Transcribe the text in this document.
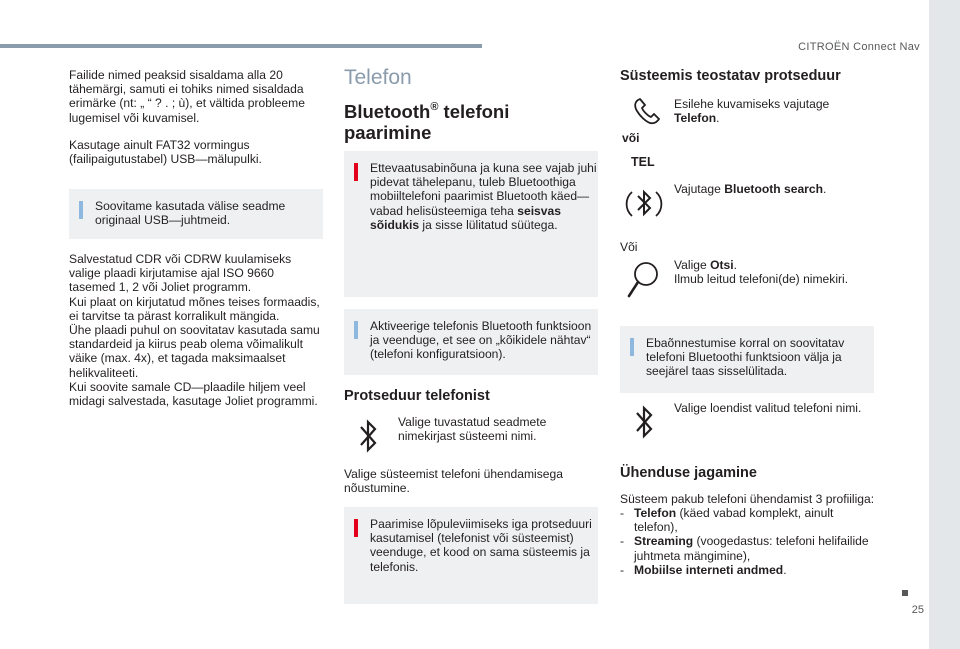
CITROËN Connect Nav
25
Failide nimed peaksid sisaldama alla 20 tähemärgi, samuti ei tohiks nimed sisaldada erimärke (nt: „ “ ? . ; ù), et vältida probleeme lugemisel või kuvamisel.
Kasutage ainult FAT32 vormingus
(failipaigutustabel) USB—mälupulki.
Soovitame kasutada välise seadme
originaal USB—juhtmeid.
Salvestatud CDR või CDRW kuulamiseks
valige plaadi kirjutamise ajal ISO 9660
tasemed 1, 2 või Joliet programm.
Kui plaat on kirjutatud mõnes teises formaadis,
ei tarvitse ta pärast korralikult mängida.
Ühe plaadi puhul on soovitatav kasutada samu
standardeid ja kiirus peab olema võimalikult
väike (max. 4x), et tagada maksimaalset
helikvaliteeti.
Kui soovite samale CD—plaadile hiljem veel
midagi salvestada, kasutage Joliet programmi.
Telefon
Bluetooth® telefoni
paarimine
Ettevaatusabinõuna ja kuna see vajab juhi
pidevat tähelepanu, tuleb Bluetoothiga
mobiiltelefoni paarimist Bluetooth käed—
vabad helisüsteemiga teha seisvas
sõidukis ja sisse lülitatud süütega.
Aktiveerige telefonis Bluetooth funktsioon
ja veenduge, et see on „kõikidele nähtav“
(telefoni konfiguratsioon).
Protseduur telefonist
Valige tuvastatud seadmete
nimekirjast süsteemi nimi.
Valige süsteemist telefoni ühendamisega
nõustumine.
Paarimise lõpuleviimiseks iga protseduuri
kasutamisel (telefonist või süsteemist)
veenduge, et kood on sama süsteemis ja
telefonis.
Süsteemis teostatav protseduur
Esilehe kuvamiseks vajutage
Telefon.
või
TEL
Vajutage Bluetooth search.
Või
Valige Otsi.
Ilmub leitud telefoni(de) nimekiri.
Ebaõnnestumise korral on soovitatav
telefoni Bluetoothi funktsioon välja ja
seejärel taas sisselülitada.
Valige loendist valitud telefoni nimi.
Ühenduse jagamine
Süsteem pakub telefoni ühendamist 3 profiiliga:
- Telefon (käed vabad komplekt, ainult
telefon),
- Streaming (voogedastus: telefoni helifailide
juhtmeta mängimine),
- Mobiilse interneti andmed.
